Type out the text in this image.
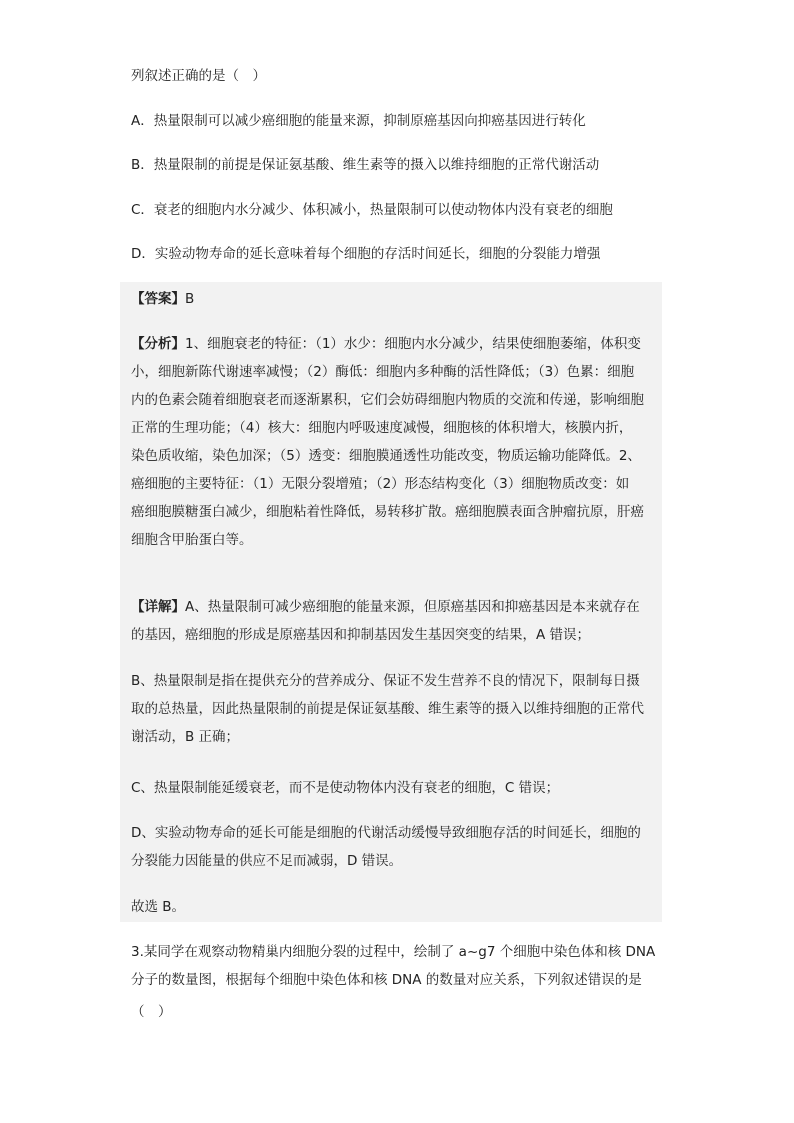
列叙述正确的是（　）
A．热量限制可以减少癌细胞的能量来源，抑制原癌基因向抑癌基因进行转化
B．热量限制的前提是保证氨基酸、维生素等的摄入以维持细胞的正常代谢活动
C．衰老的细胞内水分减少、体积减小，热量限制可以使动物体内没有衰老的细胞
D．实验动物寿命的延长意味着每个细胞的存活时间延长，细胞的分裂能力增强
【答案】B
【分析】1、细胞衰老的特征：（1）水少：细胞内水分减少，结果使细胞萎缩，体积变
小，细胞新陈代谢速率减慢；（2）酶低：细胞内多种酶的活性降低；（3）色累：细胞
内的色素会随着细胞衰老而逐渐累积，它们会妨碍细胞内物质的交流和传递，影响细胞
正常的生理功能；（4）核大：细胞内呼吸速度减慢，细胞核的体积增大，核膜内折，
染色质收缩，染色加深；（5）透变：细胞膜通透性功能改变，物质运输功能降低。2、
癌细胞的主要特征：（1）无限分裂增殖；（2）形态结构变化（3）细胞物质改变：如
癌细胞膜糖蛋白减少，细胞粘着性降低，易转移扩散。癌细胞膜表面含肿瘤抗原，肝癌
细胞含甲胎蛋白等。
【详解】A、热量限制可减少癌细胞的能量来源，但原癌基因和抑癌基因是本来就存在
的基因，癌细胞的形成是原癌基因和抑制基因发生基因突变的结果，A 错误；
B、热量限制是指在提供充分的营养成分、保证不发生营养不良的情况下，限制每日摄
取的总热量，因此热量限制的前提是保证氨基酸、维生素等的摄入以维持细胞的正常代
谢活动，B 正确；
C、热量限制能延缓衰老，而不是使动物体内没有衰老的细胞，C 错误；
D、实验动物寿命的延长可能是细胞的代谢活动缓慢导致细胞存活的时间延长，细胞的
分裂能力因能量的供应不足而减弱，D 错误。
故选 B。
3.某同学在观察动物精巢内细胞分裂的过程中，绘制了 a~g7 个细胞中染色体和核 DNA
分子的数量图，根据每个细胞中染色体和核 DNA 的数量对应关系，下列叙述错误的是
（　）
